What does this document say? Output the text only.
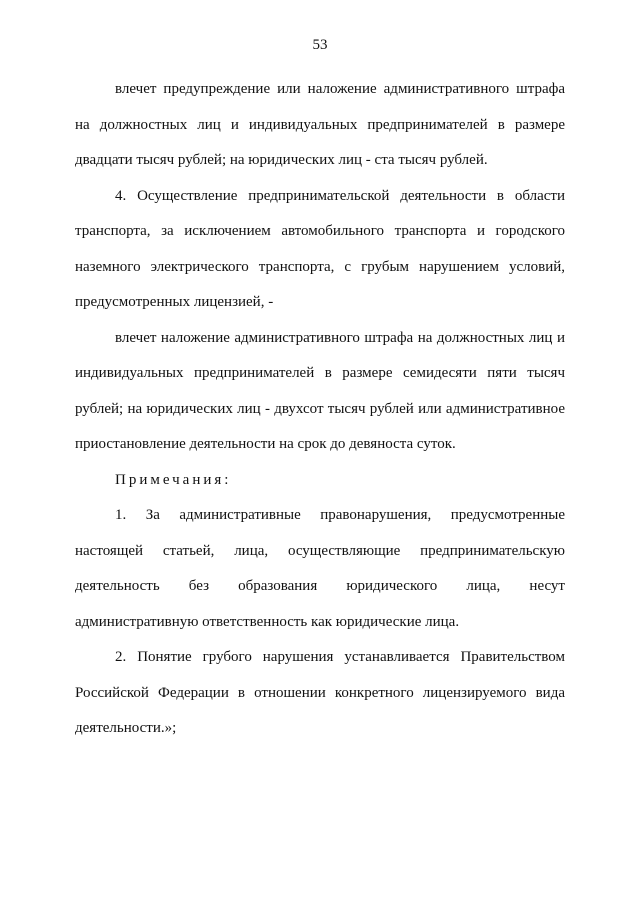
53

влечет предупреждение или наложение административного штрафа на должностных лиц и индивидуальных предпринимателей в размере двадцати тысяч рублей; на юридических лиц - ста тысяч рублей.

4. Осуществление предпринимательской деятельности в области транспорта, за исключением автомобильного транспорта и городского наземного электрического транспорта, с грубым нарушением условий, предусмотренных лицензией, -

влечет наложение административного штрафа на должностных лиц и индивидуальных предпринимателей в размере семидесяти пяти тысяч рублей; на юридических лиц - двухсот тысяч рублей или административное приостановление деятельности на срок до девяноста суток.

Примечания:

1. За административные правонарушения, предусмотренные настоящей статьей, лица, осуществляющие предпринимательскую деятельность без образования юридического лица, несут административную ответственность как юридические лица.

2. Понятие грубого нарушения устанавливается Правительством Российской Федерации в отношении конкретного лицензируемого вида деятельности.»;
